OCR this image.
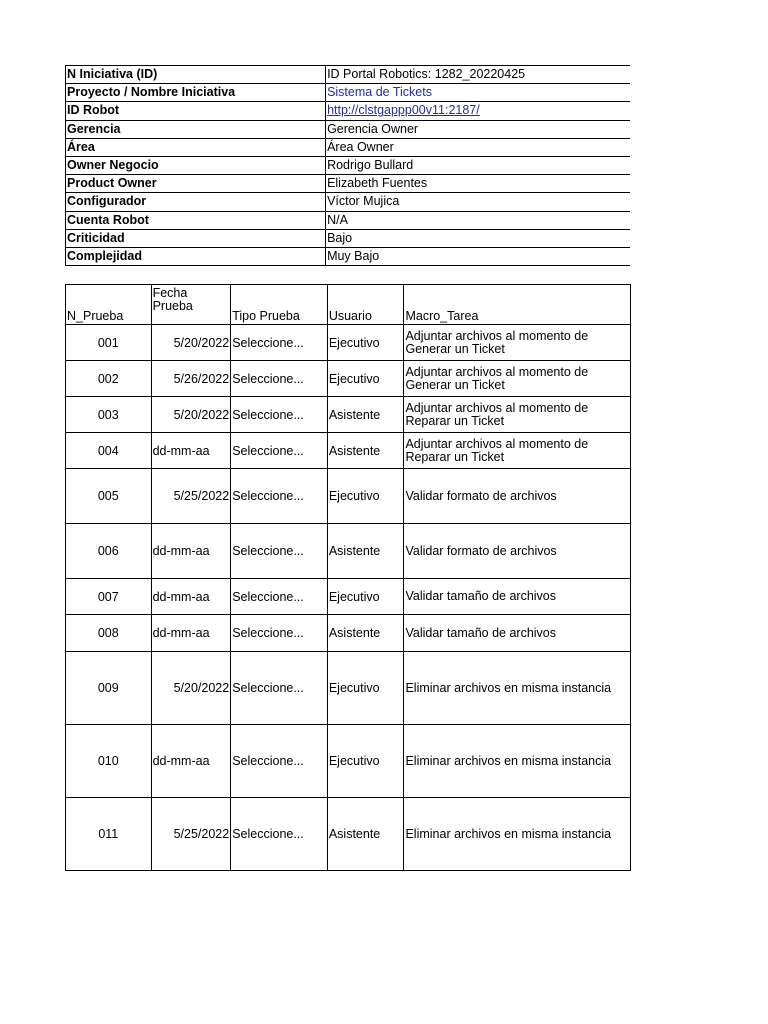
N Iniciativa (ID)	ID Portal Robotics: 1282_20220425
Proyecto / Nombre Iniciativa	Sistema de Tickets
ID Robot	http://clstgappp00v11:2187/
Gerencia	Gerencia Owner
Área	Área Owner
Owner Negocio	Rodrigo Bullard
Product Owner	Elizabeth Fuentes
Configurador	Víctor Mujica
Cuenta Robot	N/A
Criticidad	Bajo
Complejidad	Muy Bajo
N_Prueba	Fecha Prueba	Tipo Prueba	Usuario	Macro_Tarea
001	5/20/2022	Seleccione...	Ejecutivo	Adjuntar archivos al momento de Generar un Ticket
002	5/26/2022	Seleccione...	Ejecutivo	Adjuntar archivos al momento de Generar un Ticket
003	5/20/2022	Seleccione...	Asistente	Adjuntar archivos al momento de Reparar un Ticket
004	dd-mm-aa	Seleccione...	Asistente	Adjuntar archivos al momento de Reparar un Ticket
005	5/25/2022	Seleccione...	Ejecutivo	Validar formato de archivos
006	dd-mm-aa	Seleccione...	Asistente	Validar formato de archivos
007	dd-mm-aa	Seleccione...	Ejecutivo	Validar tamaño de archivos
008	dd-mm-aa	Seleccione...	Asistente	Validar tamaño de archivos
009	5/20/2022	Seleccione...	Ejecutivo	Eliminar archivos en misma instancia
010	dd-mm-aa	Seleccione...	Ejecutivo	Eliminar archivos en misma instancia
011	5/25/2022	Seleccione...	Asistente	Eliminar archivos en misma instancia
